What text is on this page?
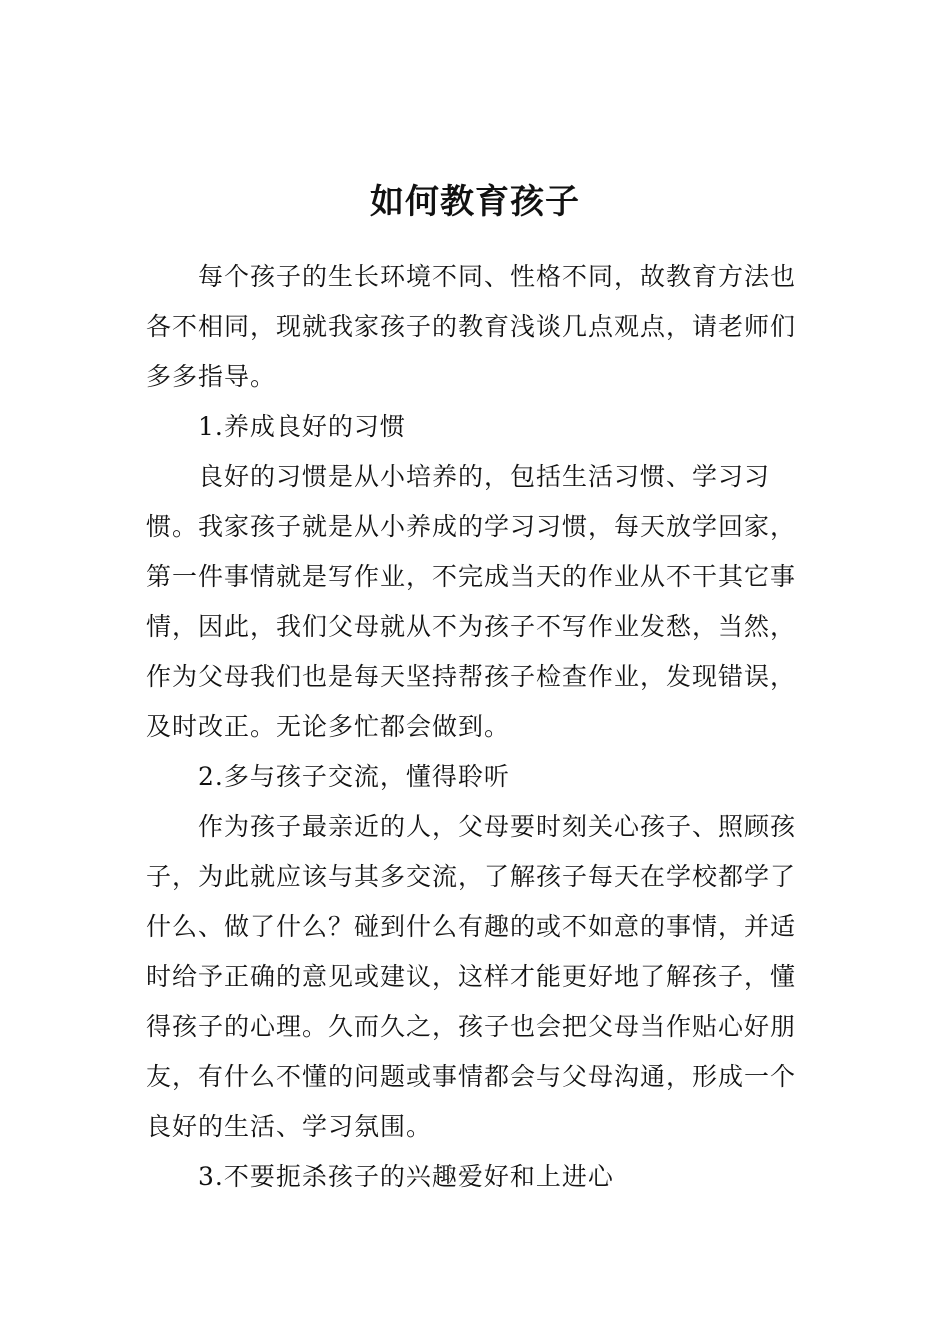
如何教育孩子

每个孩子的生长环境不同、性格不同，故教育方法也各不相同，现就我家孩子的教育浅谈几点观点，请老师们多多指导。

1.养成良好的习惯

良好的习惯是从小培养的，包括生活习惯、学习习惯。我家孩子就是从小养成的学习习惯，每天放学回家，第一件事情就是写作业，不完成当天的作业从不干其它事情，因此，我们父母就从不为孩子不写作业发愁，当然，作为父母我们也是每天坚持帮孩子检查作业，发现错误，及时改正。无论多忙都会做到。

2.多与孩子交流，懂得聆听

作为孩子最亲近的人，父母要时刻关心孩子、照顾孩子，为此就应该与其多交流，了解孩子每天在学校都学了什么、做了什么？碰到什么有趣的或不如意的事情，并适时给予正确的意见或建议，这样才能更好地了解孩子，懂得孩子的心理。久而久之，孩子也会把父母当作贴心好朋友，有什么不懂的问题或事情都会与父母沟通，形成一个良好的生活、学习氛围。

3.不要扼杀孩子的兴趣爱好和上进心
